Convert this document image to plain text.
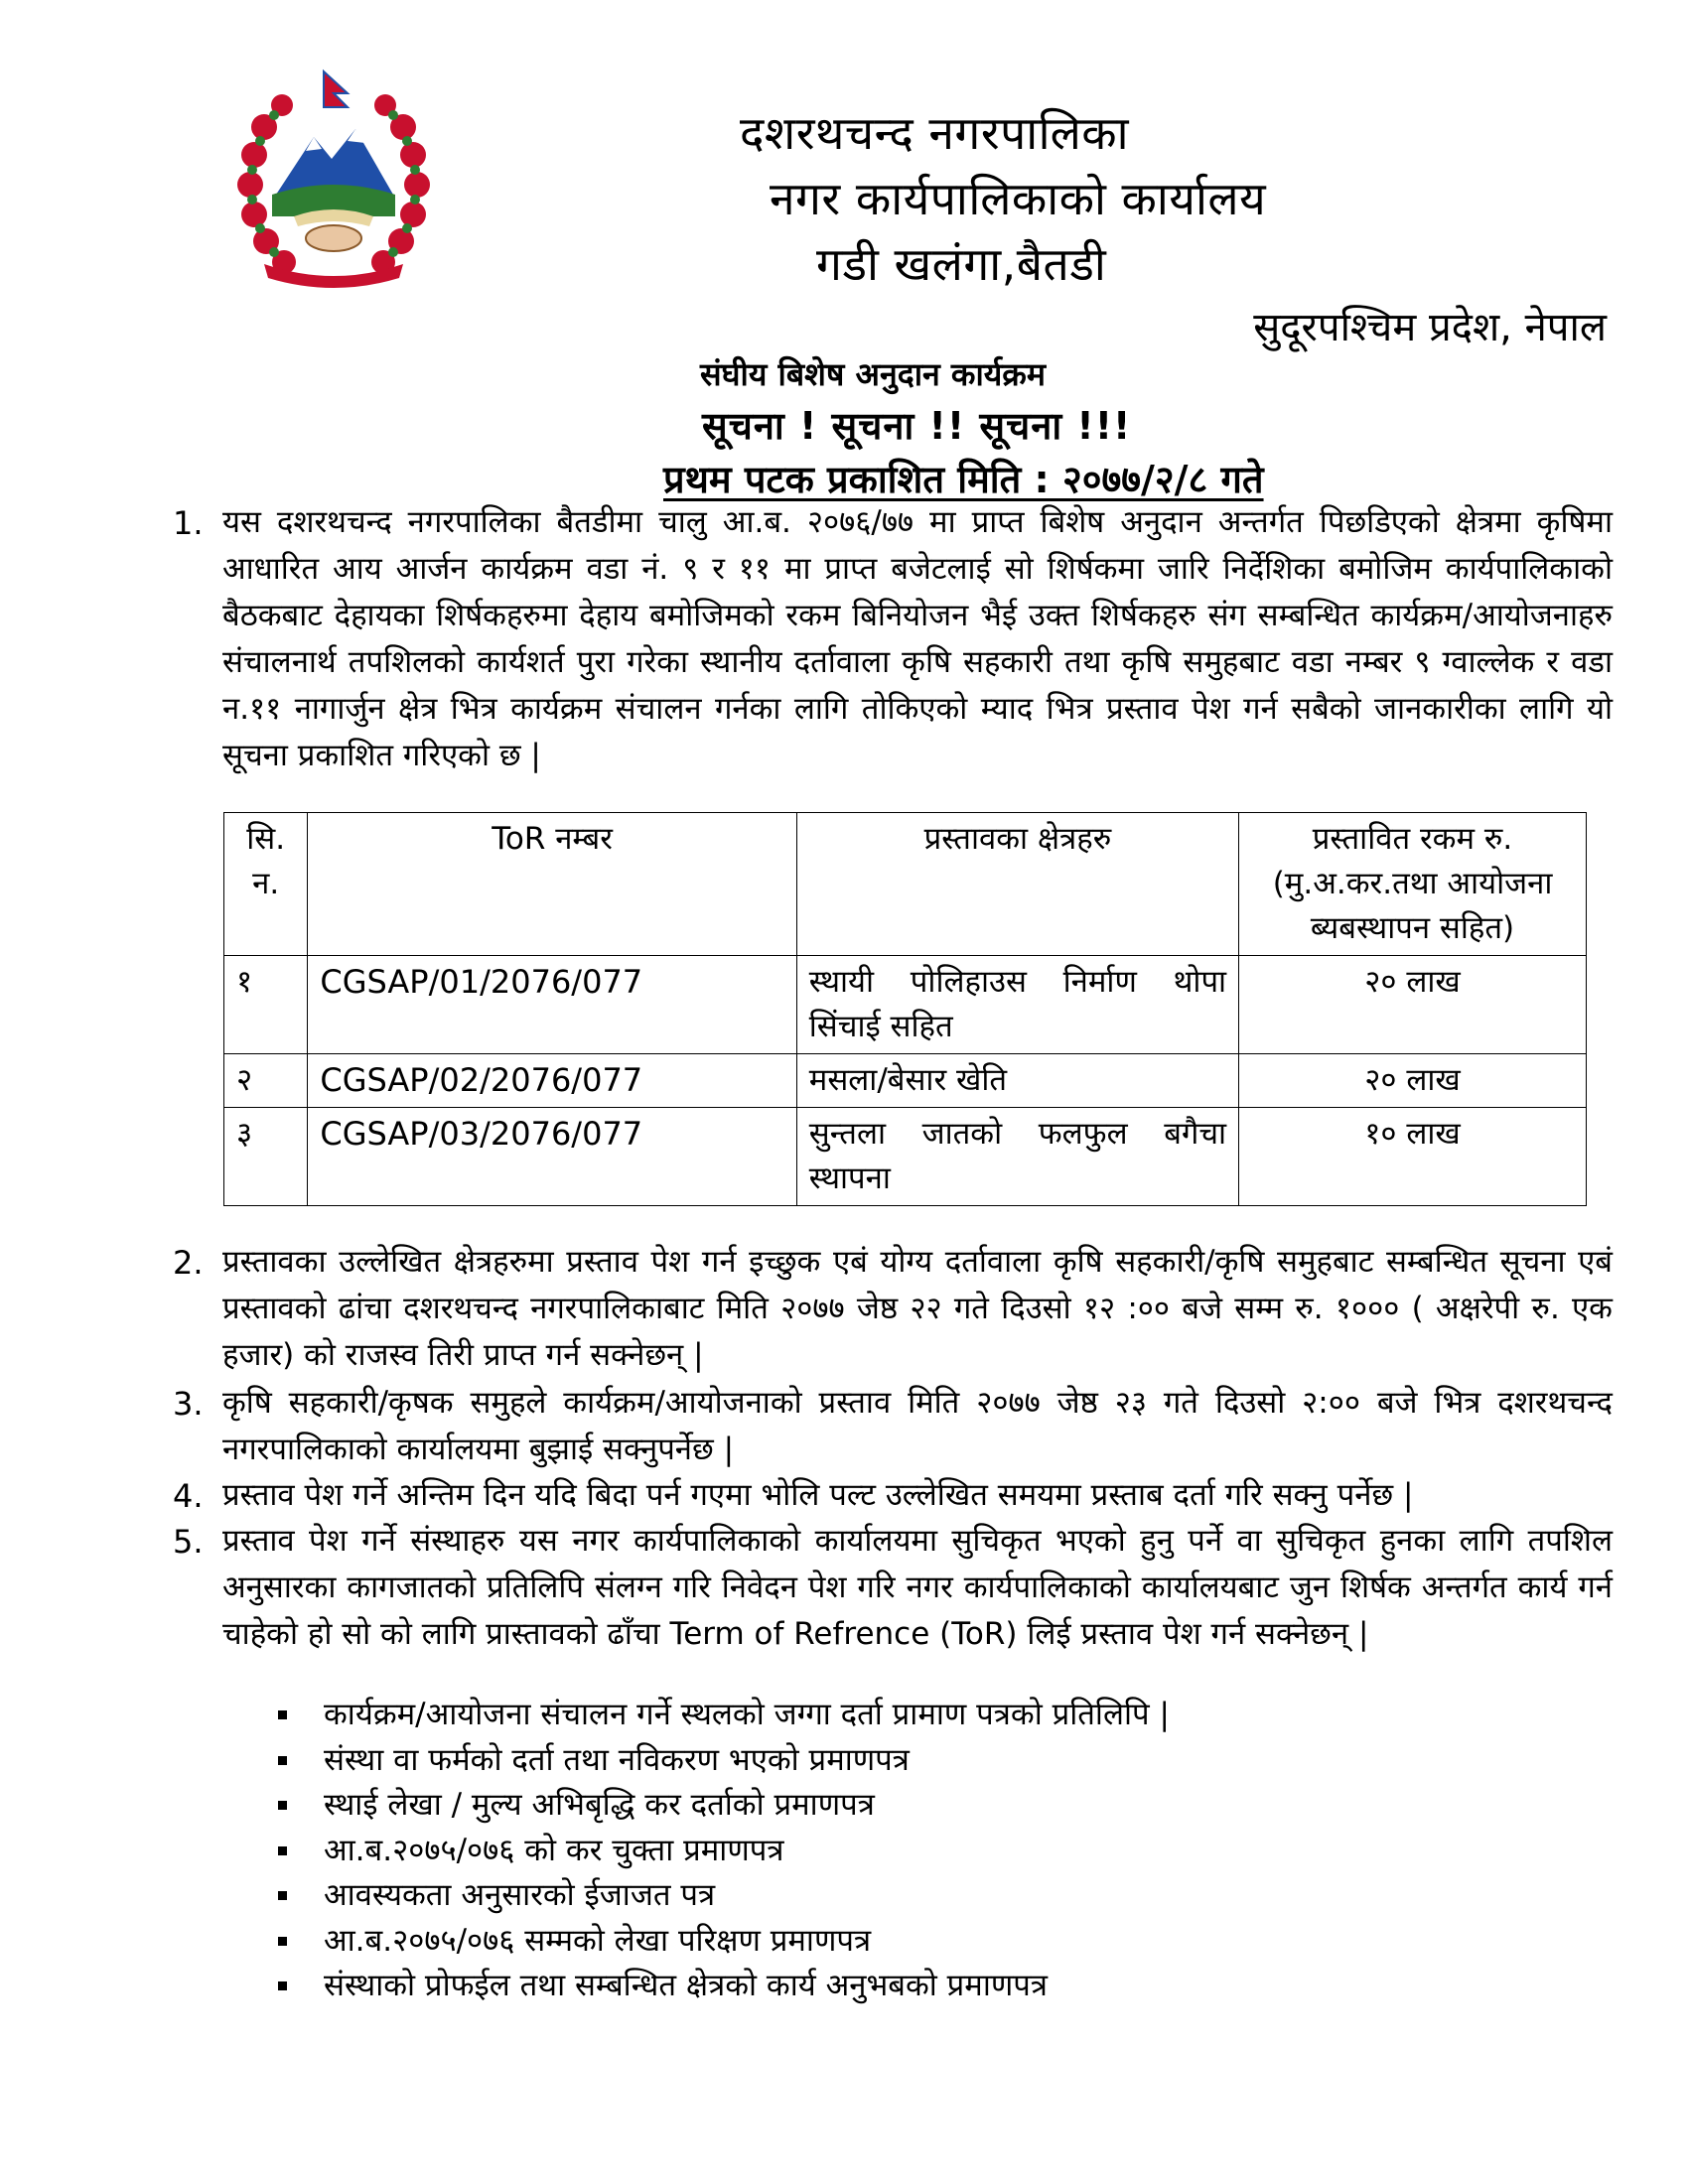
दशरथचन्द नगरपालिका
नगर कार्यपालिकाको कार्यालय
गडी खलंगा,बैतडी
सुदूरपश्चिम प्रदेश, नेपाल
संघीय बिशेष अनुदान कार्यक्रम
सूचना ! सूचना !! सूचना !!!
प्रथम पटक प्रकाशित मिति : २०७७/२/८ गते
1. यस दशरथचन्द नगरपालिका बैतडीमा चालु आ.ब. २०७६/७७ मा प्राप्त बिशेष अनुदान अन्तर्गत पिछडिएको क्षेत्रमा कृषिमा आधारित आय आर्जन कार्यक्रम वडा नं. ९ र ११ मा प्राप्त बजेटलाई सो शिर्षकमा जारि निर्देशिका बमोजिम कार्यपालिकाको बैठकबाट देहायका शिर्षकहरुमा देहाय बमोजिमको रकम बिनियोजन भैई उक्त शिर्षकहरु संग सम्बन्धित कार्यक्रम/आयोजनाहरु संचालनार्थ तपशिलको कार्यशर्त पुरा गरेका स्थानीय दर्तावाला कृषि सहकारी तथा कृषि समुहबाट वडा नम्बर ९ ग्वाल्लेक र वडा न.११ नागार्जुन क्षेत्र भित्र कार्यक्रम संचालन गर्नका लागि तोकिएको म्याद भित्र प्रस्ताव पेश गर्न सबैको जानकारीका लागि यो सूचना प्रकाशित गरिएको छ |
सि. न.	ToR नम्बर	प्रस्तावका क्षेत्रहरु	प्रस्तावित रकम रु. (मु.अ.कर.तथा आयोजना ब्यबस्थापन सहित)
१	CGSAP/01/2076/077	स्थायी पोलिहाउस निर्माण थोपा सिंचाई सहित	२० लाख
२	CGSAP/02/2076/077	मसला/बेसार खेति	२० लाख
३	CGSAP/03/2076/077	सुन्तला जातको फलफुल बगैचा स्थापना	१० लाख
2. प्रस्तावका उल्लेखित क्षेत्रहरुमा प्रस्ताव पेश गर्न इच्छुक एबं योग्य दर्तावाला कृषि सहकारी/कृषि समुहबाट सम्बन्धित सूचना एबं प्रस्तावको ढांचा दशरथचन्द नगरपालिकाबाट मिति २०७७ जेष्ठ २२ गते दिउसो १२ :०० बजे सम्म रु. १००० ( अक्षरेपी रु. एक हजार) को राजस्व तिरी प्राप्त गर्न सक्नेछन् |
3. कृषि सहकारी/कृषक समुहले कार्यक्रम/आयोजनाको प्रस्ताव मिति २०७७ जेष्ठ २३ गते दिउसो २:०० बजे भित्र दशरथचन्द नगरपालिकाको कार्यालयमा बुझाई सक्नुपर्नेछ |
4. प्रस्ताव पेश गर्ने अन्तिम दिन यदि बिदा पर्न गएमा भोलि पल्ट उल्लेखित समयमा प्रस्ताब दर्ता गरि सक्नु पर्नेछ |
5. प्रस्ताव पेश गर्ने संस्थाहरु यस नगर कार्यपालिकाको कार्यालयमा सुचिकृत भएको हुनु पर्ने वा सुचिकृत हुनका लागि तपशिल अनुसारका कागजातको प्रतिलिपि संलग्न गरि निवेदन पेश गरि नगर कार्यपालिकाको कार्यालयबाट जुन शिर्षक अन्तर्गत कार्य गर्न चाहेको हो सो को लागि प्रास्तावको ढाँचा Term of Refrence (ToR) लिई प्रस्ताव पेश गर्न सक्नेछन् |
कार्यक्रम/आयोजना संचालन गर्ने स्थलको जग्गा दर्ता प्रामाण पत्रको प्रतिलिपि |
संस्था वा फर्मको दर्ता तथा नविकरण भएको प्रमाणपत्र
स्थाई लेखा / मुल्य अभिबृद्धि कर दर्ताको प्रमाणपत्र
आ.ब.२०७५/०७६ को कर चुक्ता प्रमाणपत्र
आवस्यकता अनुसारको ईजाजत पत्र
आ.ब.२०७५/०७६ सम्मको लेखा परिक्षण प्रमाणपत्र
संस्थाको प्रोफईल तथा सम्बन्धित क्षेत्रको कार्य अनुभबको प्रमाणपत्र
